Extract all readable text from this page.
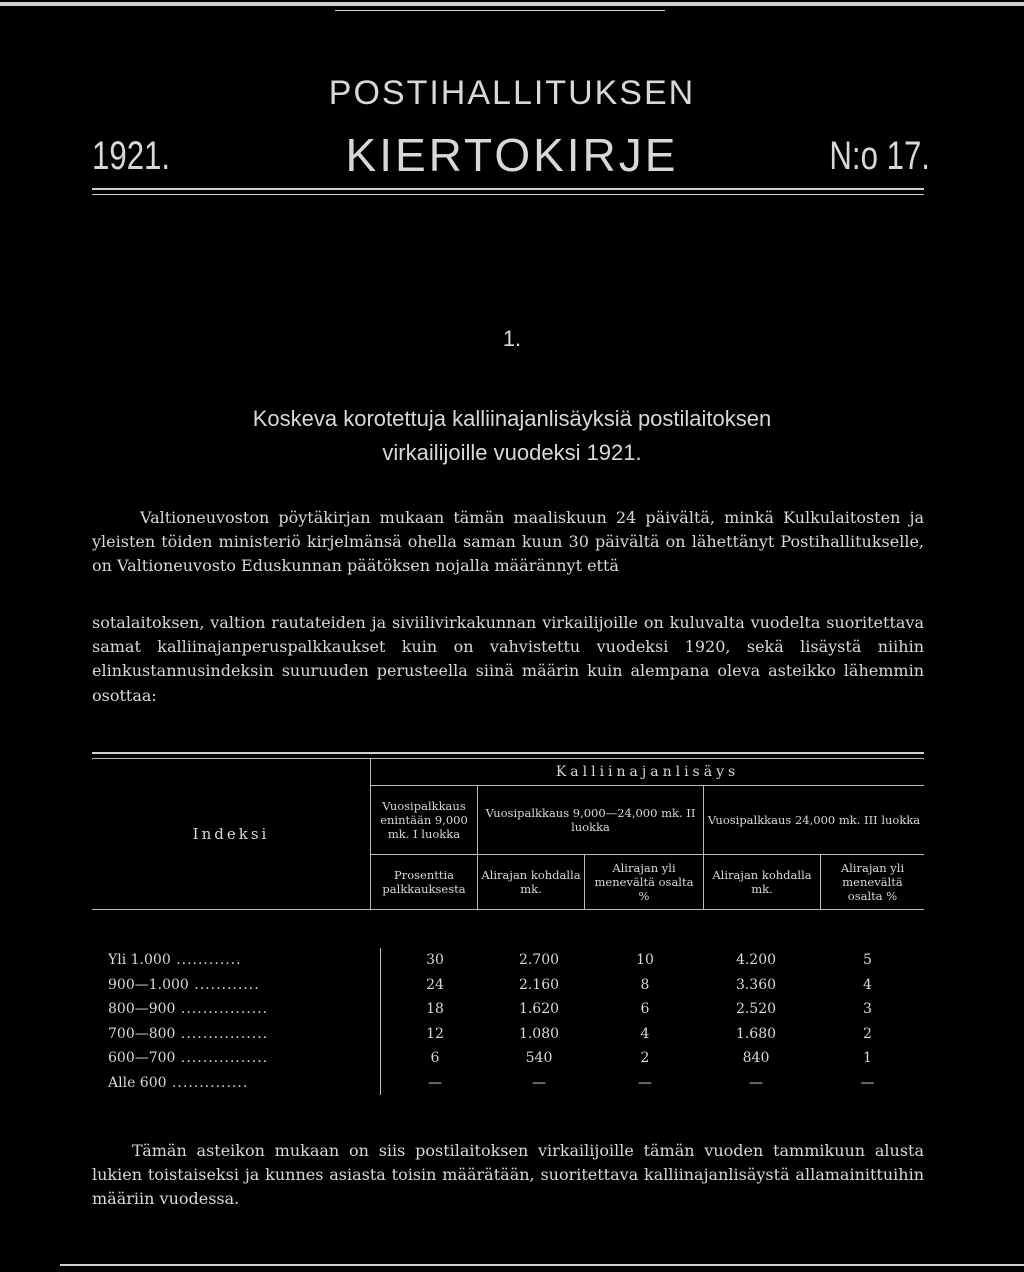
POSTIHALLITUKSEN
1921.	KIERTOKIRJE	N:o 17.
1.
Koskeva korotettuja kalliinajanlisäyksiä postilaitoksen
virkailijoille vuodeksi 1921.
Valtioneuvoston pöytäkirjan mukaan tämän maaliskuun 24 päivältä, minkä Kulkulaitosten ja yleisten töiden ministeriö kirjelmänsä ohella saman kuun 30 päivältä on lähettänyt Postihallitukselle, on Valtioneuvosto Eduskunnan päätöksen nojalla määrännyt että
sotalaitoksen, valtion rautateiden ja siviilivirkakunnan virkailijoille on kuluvalta vuodelta suoritettava samat kalliinajanperuspalkkaukset kuin on vahvistettu vuodeksi 1920, sekä lisäystä niihin elinkustannusindeksin suuruuden perusteella siinä määrin kuin alempana oleva asteikko lähemmin osottaa:
Indeksi	Kalliinajanlisäys				
	Vuosipalkkaus enintään 9,000 mk. I luokka	Vuosipalkkaus 9,000—24,000 mk. II luokka		Vuosipalkkaus 24,000 mk. III luokka	
	Prosenttia palkkauksesta	Alirajan kohdalla mk.	Alirajan yli menevältä osalta %	Alirajan kohdalla mk.	Alirajan yli menevältä osalta %
Yli 1.000 ............	30	2.700	10	4.200	5
900—1.000 ............	24	2.160	8	3.360	4
800—900 ................	18	1.620	6	2.520	3
700—800 ................	12	1.080	4	1.680	2
600—700 ................	6	540	2	840	1
Alle 600 ..............	—	—	—	—	—
Tämän asteikon mukaan on siis postilaitoksen virkailijoille tämän vuoden tammikuun alusta lukien toistaiseksi ja kunnes asiasta toisin määrätään, suoritettava kalliinajanlisäystä allamainittuihin määriin vuodessa.
